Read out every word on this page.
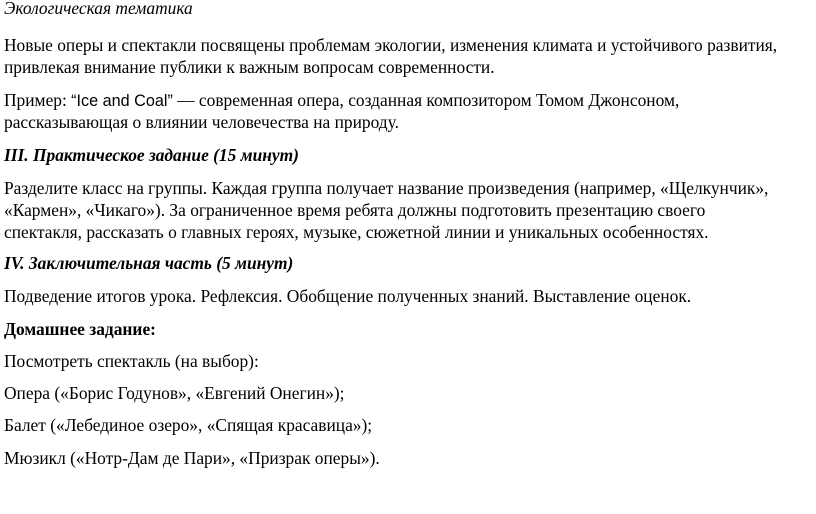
Экологическая тематика

Новые оперы и спектакли посвящены проблемам экологии, изменения климата и устойчивого развития,

привлекая внимание публики к важным вопросам современности.

Пример: “Ice and Coal” — современная опера, созданная композитором Томом Джонсоном,

рассказывающая о влиянии человечества на природу.

III. Практическое задание (15 минут)

Разделите класс на группы. Каждая группа получает название произведения (например, «Щелкунчик»,

«Кармен», «Чикаго»). За ограниченное время ребята должны подготовить презентацию своего

спектакля, рассказать о главных героях, музыке, сюжетной линии и уникальных особенностях.

IV. Заключительная часть (5 минут)

Подведение итогов урока. Рефлексия. Обобщение полученных знаний. Выставление оценок.

Домашнее задание:

Посмотреть спектакль (на выбор):

Опера («Борис Годунов», «Евгений Онегин»);

Балет («Лебединое озеро», «Спящая красавица»);

Мюзикл («Нотр-Дам де Пари», «Призрак оперы»).
